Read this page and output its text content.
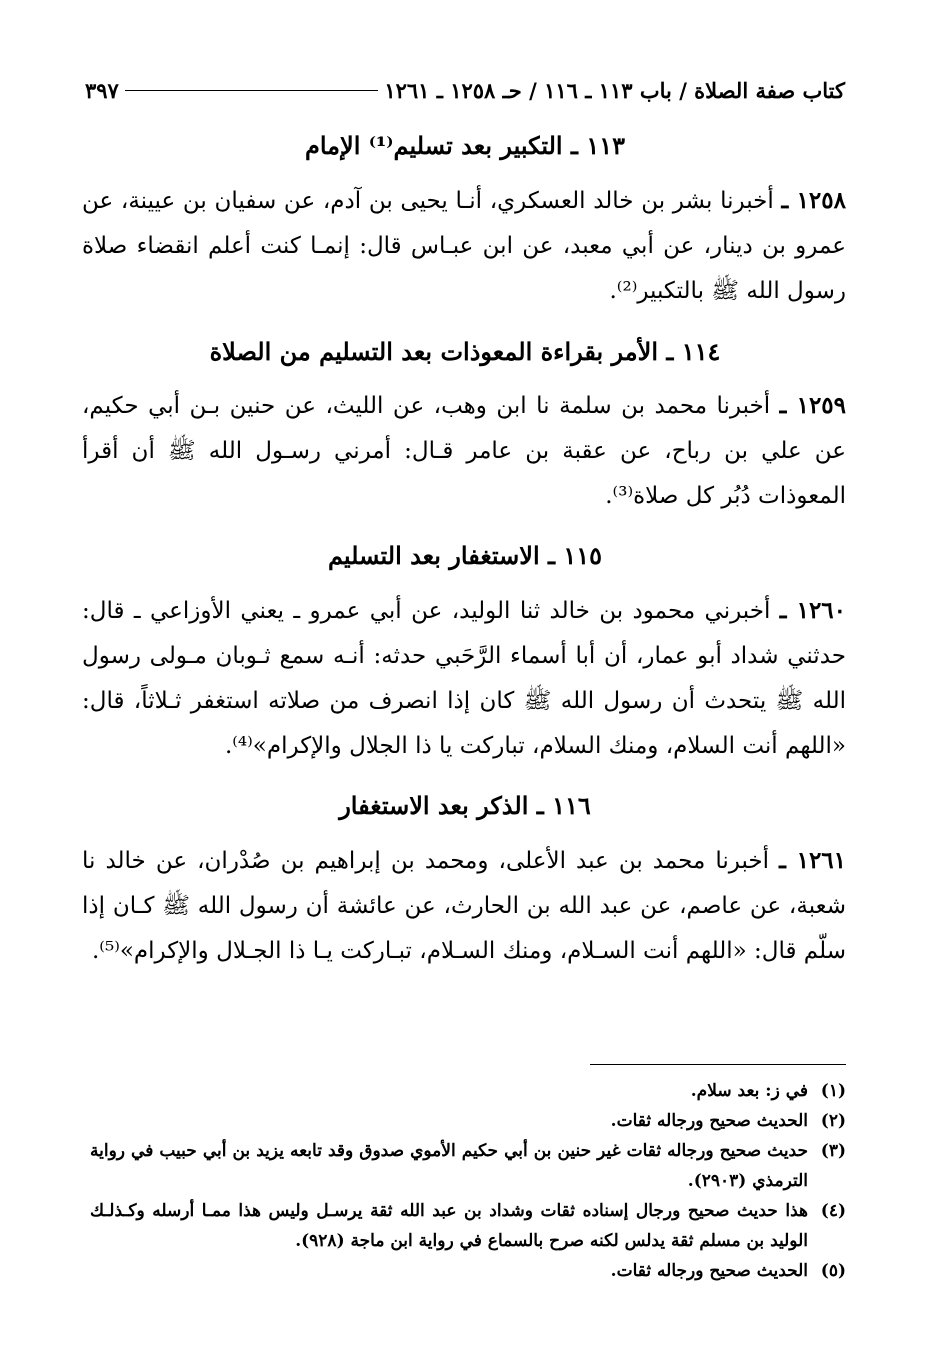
كتاب صفة الصلاة / باب ١١٣ ـ ١١٦ / حـ ١٢٥٨ ـ ١٢٦١
٣٩٧
١١٣ ـ التكبير بعد تسليم⁽¹⁾ الإمام
١٢٥٨ ـ أخبرنا بشر بن خالد العسكري، أنـا يحيى بن آدم، عن سفيان بن عيينة، عن عمرو بن دينار، عن أبي معبد، عن ابن عبـاس قال: إنمـا كنت أعلم انقضاء صلاة رسول الله ﷺ بالتكبير⁽²⁾.
١١٤ ـ الأمر بقراءة المعوذات بعد التسليم من الصلاة
١٢٥٩ ـ أخبرنا محمد بن سلمة نا ابن وهب، عن الليث، عن حنين بـن أبي حكيم، عن علي بن رباح، عن عقبة بن عامر قـال: أمرني رسـول الله ﷺ أن أقرأ المعوذات دُبُر كل صلاة⁽³⁾.
١١٥ ـ الاستغفار بعد التسليم
١٢٦٠ ـ أخبرني محمود بن خالد ثنا الوليد، عن أبي عمرو ـ يعني الأوزاعي ـ قال: حدثني شداد أبو عمار، أن أبا أسماء الرَّحَبي حدثه: أنـه سمع ثـوبان مـولى رسول الله ﷺ يتحدث أن رسول الله ﷺ كان إذا انصرف من صلاته استغفر ثـلاثاً، قال: «اللهم أنت السلام، ومنك السلام، تباركت يا ذا الجلال والإكرام»⁽⁴⁾.
١١٦ ـ الذكر بعد الاستغفار
١٢٦١ ـ أخبرنا محمد بن عبد الأعلى، ومحمد بن إبراهيم بن صُدْران، عن خالد نا شعبة، عن عاصم، عن عبد الله بن الحارث، عن عائشة أن رسول الله ﷺ كـان إذا سلّم قال: «اللهم أنت السـلام، ومنك السـلام، تبـاركت يـا ذا الجـلال والإكرام»⁽⁵⁾.
(١)
في ز: بعد سلام.
(٢)
الحديث صحيح ورجاله ثقات.
(٣)
حديث صحيح ورجاله ثقات غير حنين بن أبي حكيم الأموي صدوق وقد تابعه يزيد بن أبي حبيب في رواية الترمذي (٢٩٠٣).
(٤)
هذا حديث صحيح ورجال إسناده ثقات وشداد بن عبد الله ثقة يرسـل وليس هذا ممـا أرسله وكـذلـك الوليد بن مسلم ثقة يدلس لكنه صرح بالسماع في رواية ابن ماجة (٩٢٨).
(٥)
الحديث صحيح ورجاله ثقات.
